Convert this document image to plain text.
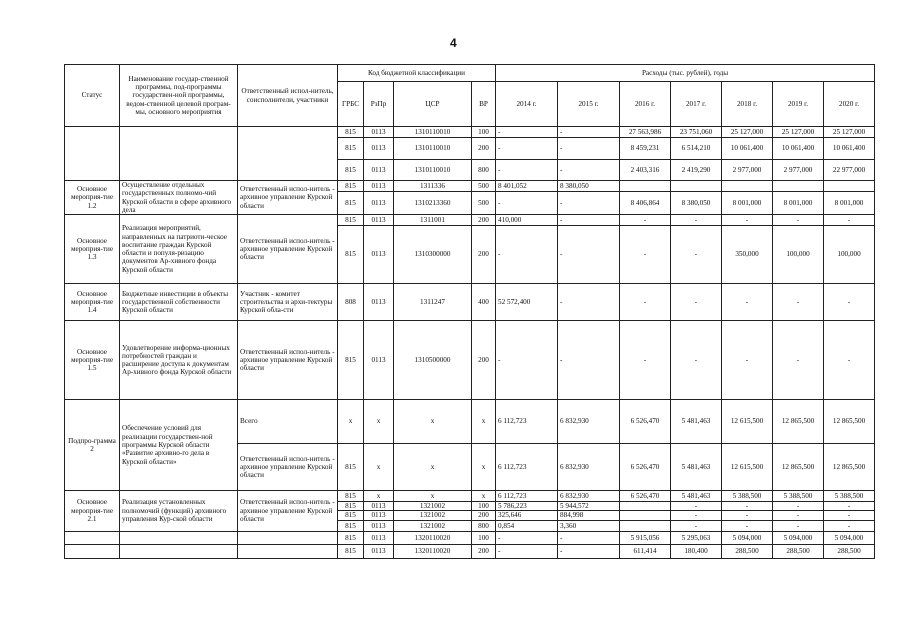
4
Статус	Наименование государ-ственной программы, под-программы государствен-ной программы, ведом-ственной целевой програм-мы, основного мероприятия	Ответственный испол-нитель, соисполнители, участники	Код бюджетной классификации				Расходы (тыс. рублей), годы						
			ГРБС	РзПр	ЦСР	ВР	2014 г.	2015 г.	2016 г.	2017 г.	2018 г.	2019 г.	2020 г.
			815	0113	1310110010	100	-	-	27 563,986	23 751,060	25 127,000	25 127,000	25 127,000
			815	0113	1310110010	200	-	-	8 459,231	6 514,210	10 061,400	10 061,400	10 061,400
			815	0113	1310110010	800	-	-	2 403,316	2 419,290	2 977,000	2 977,000	22 977,000
Основное мероприя-тие 1.2	Осуществление отдельных государственных полномо-чий Курской области в сфере архивного дела	Ответственный испол-нитель - архивное управление Курской области	815	0113	1311336	500	8 401,052	8 380,050					
			815	0113	1310213360	500	-	-	8 406,864	8 380,050	8 001,000	8 001,000	8 001,000
Основное мероприя-тие 1.3	Реализация мероприятий, направленных на патриоти-ческое воспитание граждан Курской области и популя-ризацию документов Ар-хивного фонда Курской области	Ответственный испол-нитель - архивное управление Курской области	815	0113	1311001	200	410,000	-	-	-	-	-	-
			815	0113	1310300000	200	-	-	-	-	350,000	100,000	100,000
Основное мероприя-тие 1.4	Бюджетные инвестиции в объекты государственной собственности Курской области	Участник - комитет строительства и архи-тектуры Курской обла-сти	808	0113	1311247	400	52 572,400	-	-	-	-	-	-
Основное мероприя-тие 1.5	Удовлетворение информа-ционных потребностей граждан и расширение доступа к документам Ар-хивного фонда Курской области	Ответственный испол-нитель - архивное управление Курской области	815	0113	1310500000	200	-	-	-	-	-	-	-
Подпро-грамма 2	Обеспечение условий для реализации государствен-ной программы Курской области «Развитие архивно-го дела в Курской области»	Всего	x	x	x	x	6 112,723	6 832,930	6 526,470	5 481,463	12 615,500	12 865,500	12 865,500
		Ответственный испол-нитель - архивное управление Курской области	815	x	x	x	6 112,723	6 832,930	6 526,470	5 481,463	12 615,500	12 865,500	12 865,500
Основное мероприя-тие 2.1	Реализация установленных полномочий (функций) архивного управления Кур-ской области	Ответственный испол-нитель - архивное управление Курской области	815	x	x	x	6 112,723	6 832,930	6 526,470	5 481,463	5 388,500	5 388,500	5 388,500
			815	0113	1321002	100	5 786,223	5 944,572		-	-	-	-
			815	0113	1321002	200	325,646	884,998		-	-	-	-
			815	0113	1321002	800	0,854	3,360		-	-	-	-
			815	0113	1320110020	100	-	-	5 915,056	5 295,063	5 094,000	5 094,000	5 094,000
			815	0113	1320110020	200	-	-	611,414	180,400	288,500	288,500	288,500
